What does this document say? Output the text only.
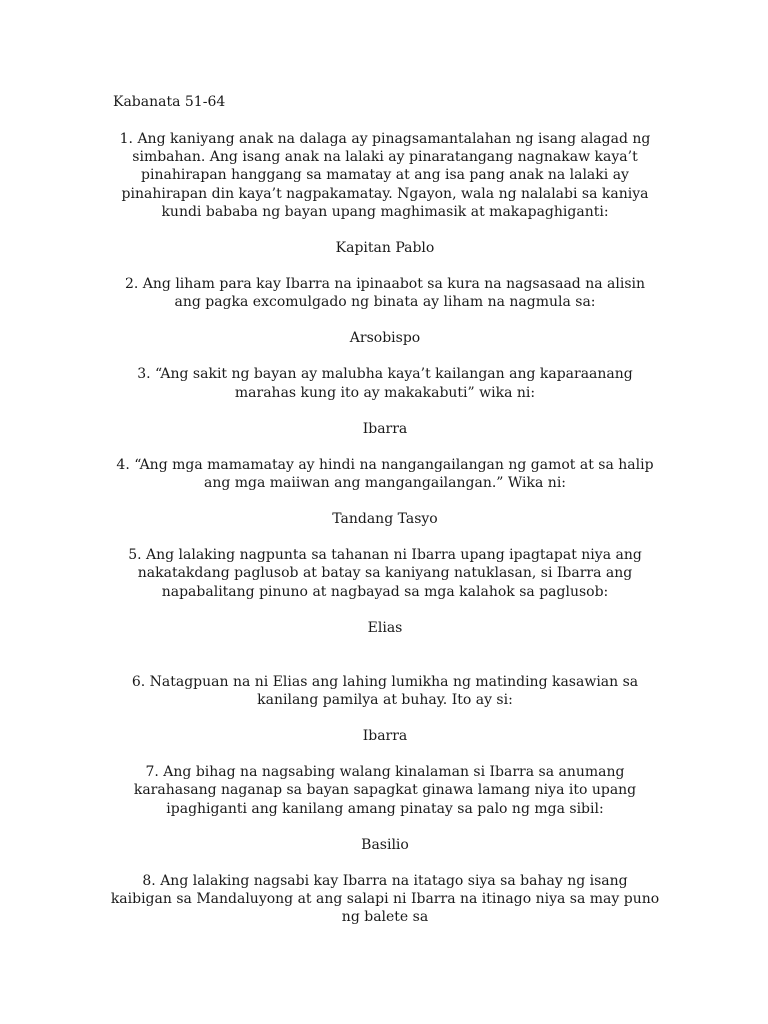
Kabanata 51-64

1. Ang kaniyang anak na dalaga ay pinagsamantalahan ng isang alagad ng simbahan. Ang isang anak na lalaki ay pinaratangang nagnakaw kaya’t pinahirapan hanggang sa mamatay at ang isa pang anak na lalaki ay pinahirapan din kaya’t nagpakamatay. Ngayon, wala ng nalalabi sa kaniya kundi bababa ng bayan upang maghimasik at makapaghiganti:

Kapitan Pablo

2. Ang liham para kay Ibarra na ipinaabot sa kura na nagsasaad na alisin ang pagka excomulgado ng binata ay liham na nagmula sa:

Arsobispo

3. “Ang sakit ng bayan ay malubha kaya’t kailangan ang kaparaanang marahas kung ito ay makakabuti” wika ni:

Ibarra

4. “Ang mga mamamatay ay hindi na nangangailangan ng gamot at sa halip ang mga maiiwan ang mangangailangan.” Wika ni:

Tandang Tasyo

5. Ang lalaking nagpunta sa tahanan ni Ibarra upang ipagtapat niya ang nakatakdang paglusob at batay sa kaniyang natuklasan, si Ibarra ang napabalitang pinuno at nagbayad sa mga kalahok sa paglusob:

Elias

6. Natagpuan na ni Elias ang lahing lumikha ng matinding kasawian sa kanilang pamilya at buhay. Ito ay si:

Ibarra

7. Ang bihag na nagsabing walang kinalaman si Ibarra sa anumang karahasang naganap sa bayan sapagkat ginawa lamang niya ito upang ipaghiganti ang kanilang amang pinatay sa palo ng mga sibil:

Basilio

8. Ang lalaking nagsabi kay Ibarra na itatago siya sa bahay ng isang kaibigan sa Mandaluyong at ang salapi ni Ibarra na itinago niya sa may puno ng balete sa
